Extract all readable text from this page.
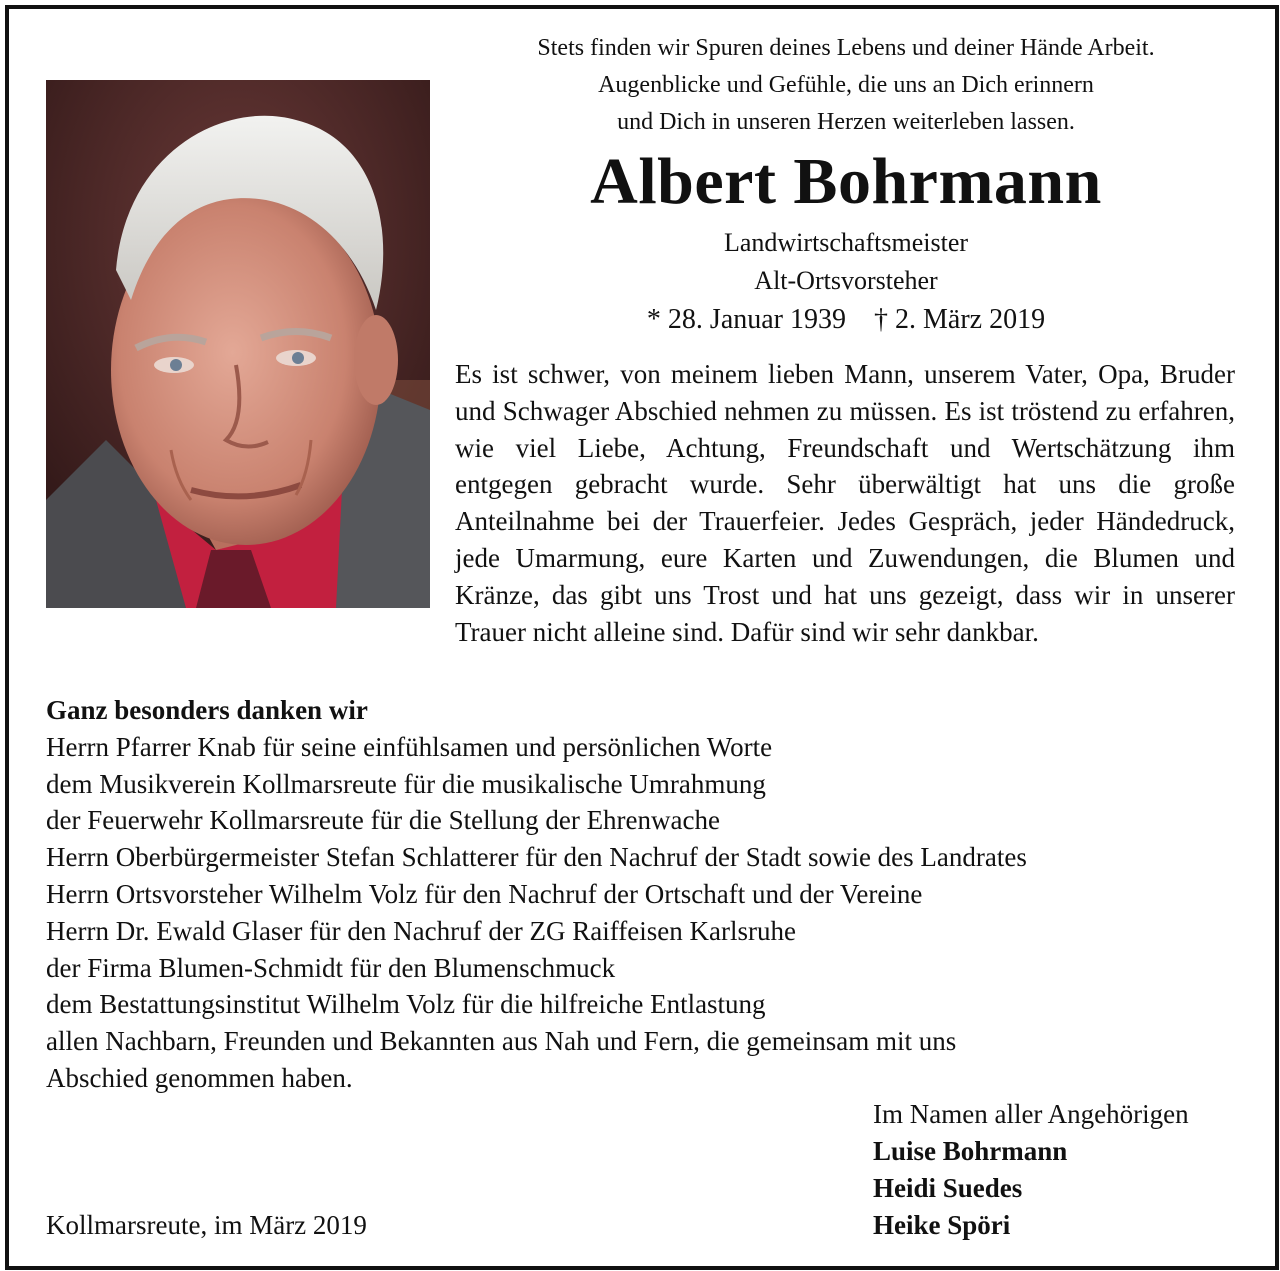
Stets finden wir Spuren deines Lebens und deiner Hände Arbeit.
Augenblicke und Gefühle, die uns an Dich erinnern
und Dich in unseren Herzen weiterleben lassen.
Albert Bohrmann
Landwirtschaftsmeister
Alt-Ortsvorsteher
* 28. Januar 1939    † 2. März 2019
Es ist schwer, von meinem lieben Mann, unserem Vater, Opa, Bruder und Schwager Abschied nehmen zu müssen. Es ist tröstend zu erfahren, wie viel Liebe, Achtung, Freundschaft und Wertschätzung ihm entgegen gebracht wurde. Sehr überwältigt hat uns die große Anteilnahme bei der Trauerfeier. Jedes Gespräch, jeder Händedruck, jede Umarmung, eure Karten und Zuwendungen, die Blumen und Kränze, das gibt uns Trost und hat uns gezeigt, dass wir in unserer Trauer nicht alleine sind. Dafür sind wir sehr dankbar.
Ganz besonders danken wir
Herrn Pfarrer Knab für seine einfühlsamen und persönlichen Worte
dem Musikverein Kollmarsreute für die musikalische Umrahmung
der Feuerwehr Kollmarsreute für die Stellung der Ehrenwache
Herrn Oberbürgermeister Stefan Schlatterer für den Nachruf der Stadt sowie des Landrates
Herrn Ortsvorsteher Wilhelm Volz für den Nachruf der Ortschaft und der Vereine
Herrn Dr. Ewald Glaser für den Nachruf der ZG Raiffeisen Karlsruhe
der Firma Blumen-Schmidt für den Blumenschmuck
dem Bestattungsinstitut Wilhelm Volz für die hilfreiche Entlastung
allen Nachbarn, Freunden und Bekannten aus Nah und Fern, die gemeinsam mit uns
Abschied genommen haben.
Im Namen aller Angehörigen
Luise Bohrmann
Heidi Suedes
Heike Spöri
Kollmarsreute, im März 2019
